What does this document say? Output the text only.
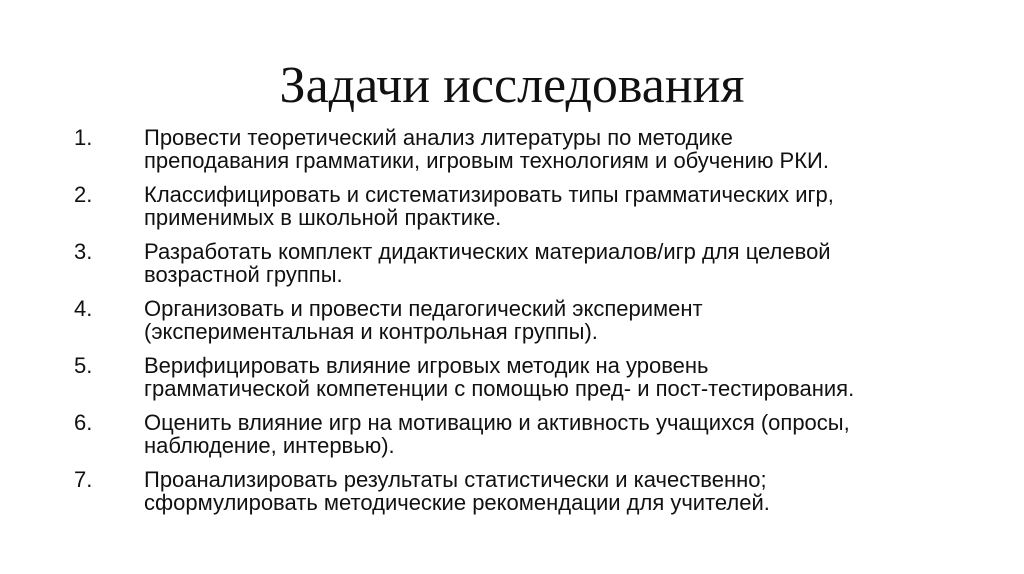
Задачи исследования
1.	Провести теоретический анализ литературы по методике
преподавания грамматики, игровым технологиям и обучению РКИ.
2.	Классифицировать и систематизировать типы грамматических игр,
применимых в школьной практике.
3.	Разработать комплект дидактических материалов/игр для целевой
возрастной группы.
4.	Организовать и провести педагогический эксперимент
(экспериментальная и контрольная группы).
5.	Верифицировать влияние игровых методик на уровень
грамматической компетенции с помощью пред- и пост-тестирования.
6.	Оценить влияние игр на мотивацию и активность учащихся (опросы,
наблюдение, интервью).
7.	Проанализировать результаты статистически и качественно;
сформулировать методические рекомендации для учителей.
